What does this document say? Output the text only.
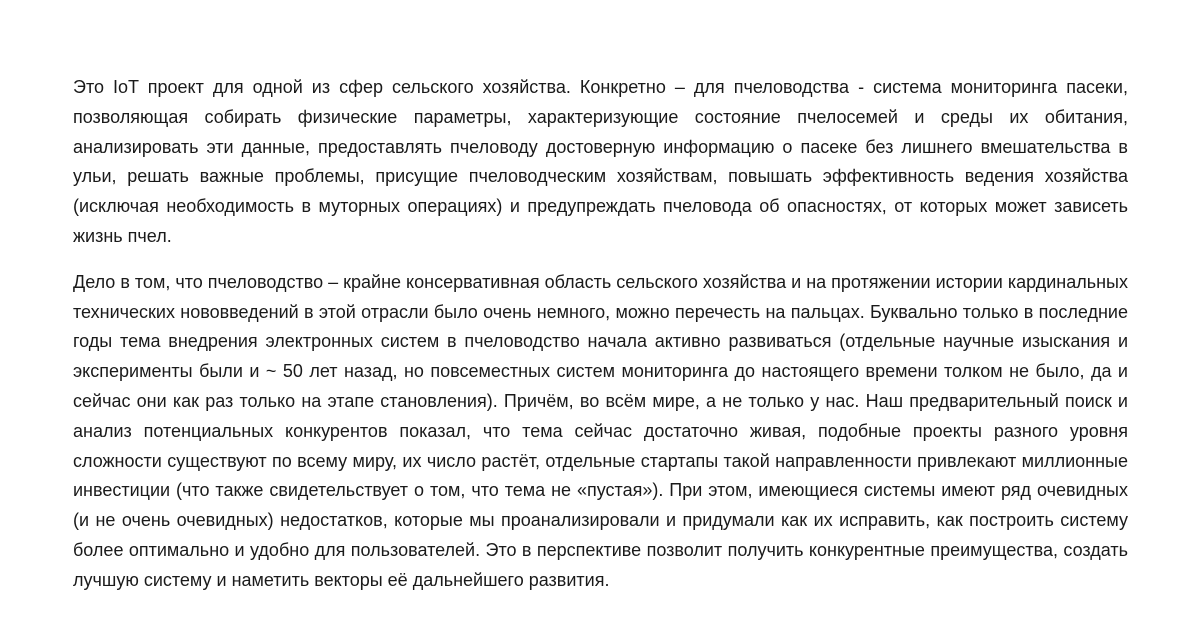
Это IoT проект для одной из сфер сельского хозяйства. Конкретно – для пчеловодства - система мониторинга пасеки, позволяющая собирать физические параметры, характеризующие состояние пчелосемей и среды их обитания, анализировать эти данные, предоставлять пчеловоду достоверную информацию о пасеке без лишнего вмешательства в ульи, решать важные проблемы, присущие пчеловодческим хозяйствам, повышать эффективность ведения хозяйства (исключая необходимость в муторных операциях) и предупреждать пчеловода об опасностях, от которых может зависеть жизнь пчел.

Дело в том, что пчеловодство – крайне консервативная область сельского хозяйства и на протяжении истории кардинальных технических нововведений в этой отрасли было очень немного, можно перечесть на пальцах. Буквально только в последние годы тема внедрения электронных систем в пчеловодство начала активно развиваться (отдельные научные изыскания и эксперименты были и ~ 50 лет назад, но повсеместных систем мониторинга до настоящего времени толком не было, да и сейчас они как раз только на этапе становления). Причём, во всём мире, а не только у нас. Наш предварительный поиск и анализ потенциальных конкурентов показал, что тема сейчас достаточно живая, подобные проекты разного уровня сложности существуют по всему миру, их число растёт, отдельные стартапы такой направленности привлекают миллионные инвестиции (что также свидетельствует о том, что тема не «пустая»). При этом, имеющиеся системы имеют ряд очевидных (и не очень очевидных) недостатков, которые мы проанализировали и придумали как их исправить, как построить систему более оптимально и удобно для пользователей. Это в перспективе позволит получить конкурентные преимущества, создать лучшую систему и наметить векторы её дальнейшего развития.
